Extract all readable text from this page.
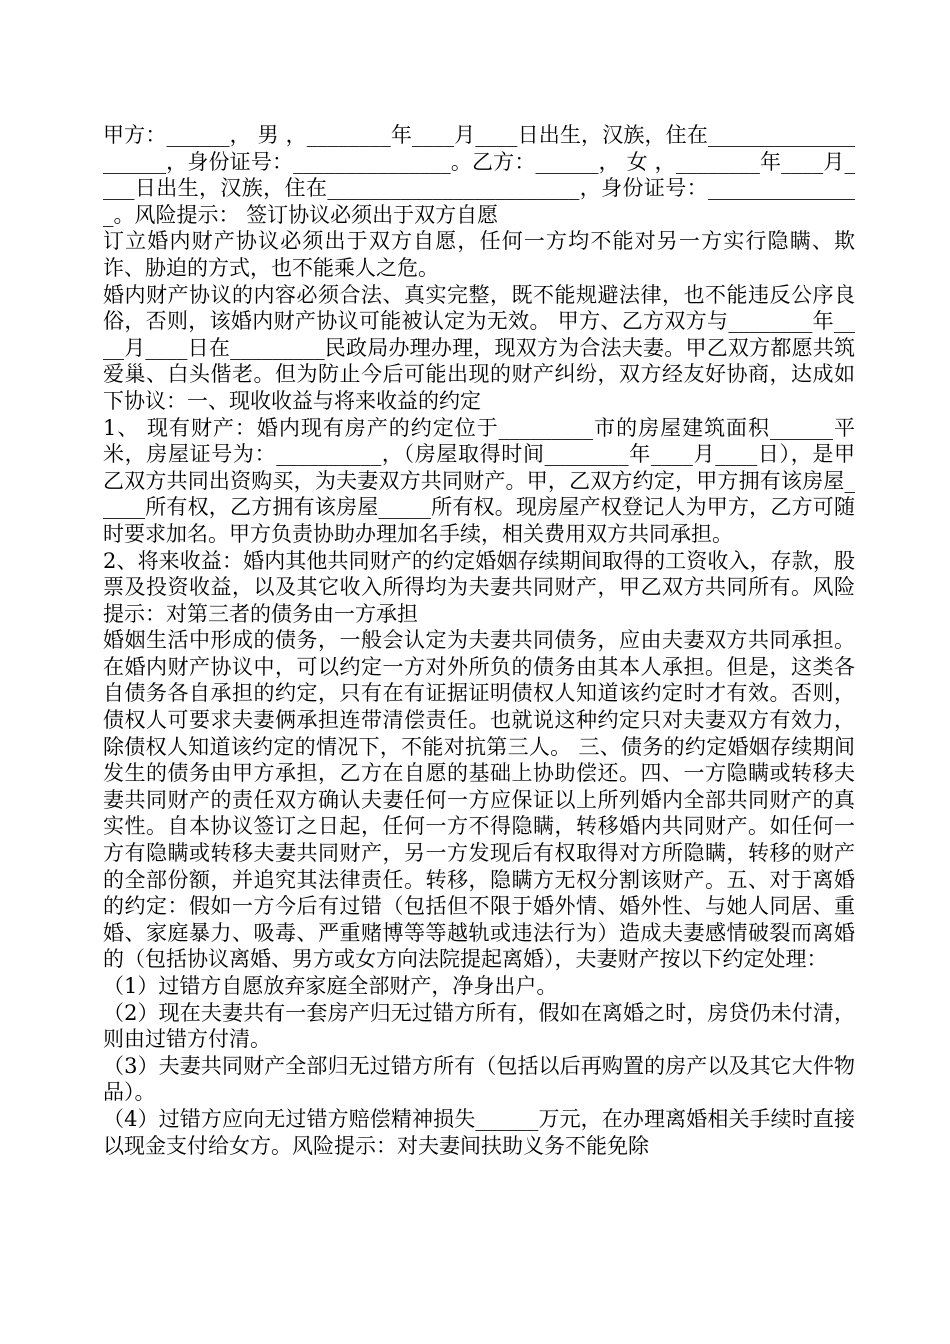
甲方：______， 男 ，________年____月____日出生，汉族，住在____________________，身份证号：_______________。乙方：______， 女 ，________年____月____日出生，汉族，住在________________________，身份证号：_______________。风险提示： 签订协议必须出于双方自愿

订立婚内财产协议必须出于双方自愿，任何一方均不能对另一方实行隐瞒、欺诈、胁迫的方式，也不能乘人之危。

婚内财产协议的内容必须合法、真实完整，既不能规避法律，也不能违反公序良俗，否则，该婚内财产协议可能被认定为无效。 甲方、乙方双方与________年____月____日在_________民政局办理办理，现双方为合法夫妻。甲乙双方都愿共筑爱巢、白头偕老。但为防止今后可能出现的财产纠纷，双方经友好协商，达成如下协议：一、现收收益与将来收益的约定

1、 现有财产：婚内现有房产的约定位于_________市的房屋建筑面积______平米，房屋证号为：__________，（房屋取得时间________年____月____日），是甲乙双方共同出资购买，为夫妻双方共同财产。甲，乙双方约定，甲方拥有该房屋_____所有权，乙方拥有该房屋_____所有权。现房屋产权登记人为甲方，乙方可随时要求加名。甲方负责协助办理加名手续，相关费用双方共同承担。

2、将来收益：婚内其他共同财产的约定婚姻存续期间取得的工资收入，存款，股票及投资收益，以及其它收入所得均为夫妻共同财产，甲乙双方共同所有。风险提示：对第三者的债务由一方承担

婚姻生活中形成的债务，一般会认定为夫妻共同债务，应由夫妻双方共同承担。在婚内财产协议中，可以约定一方对外所负的债务由其本人承担。但是，这类各自债务各自承担的约定，只有在有证据证明债权人知道该约定时才有效。否则，债权人可要求夫妻俩承担连带清偿责任。也就说这种约定只对夫妻双方有效力，除债权人知道该约定的情况下，不能对抗第三人。 三、债务的约定婚姻存续期间发生的债务由甲方承担，乙方在自愿的基础上协助偿还。四、一方隐瞒或转移夫妻共同财产的责任双方确认夫妻任何一方应保证以上所列婚内全部共同财产的真实性。自本协议签订之日起，任何一方不得隐瞒，转移婚内共同财产。如任何一方有隐瞒或转移夫妻共同财产，另一方发现后有权取得对方所隐瞒，转移的财产的全部份额，并追究其法律责任。转移，隐瞒方无权分割该财产。五、对于离婚的约定：假如一方今后有过错（包括但不限于婚外情、婚外性、与她人同居、重婚、家庭暴力、吸毒、严重赌博等等越轨或违法行为）造成夫妻感情破裂而离婚的（包括协议离婚、男方或女方向法院提起离婚），夫妻财产按以下约定处理：

（1）过错方自愿放弃家庭全部财产，净身出户。

（2）现在夫妻共有一套房产归无过错方所有，假如在离婚之时，房贷仍未付清，则由过错方付清。

（3）夫妻共同财产全部归无过错方所有（包括以后再购置的房产以及其它大件物品）。

（4）过错方应向无过错方赔偿精神损失______万元，在办理离婚相关手续时直接以现金支付给女方。风险提示：对夫妻间扶助义务不能免除
